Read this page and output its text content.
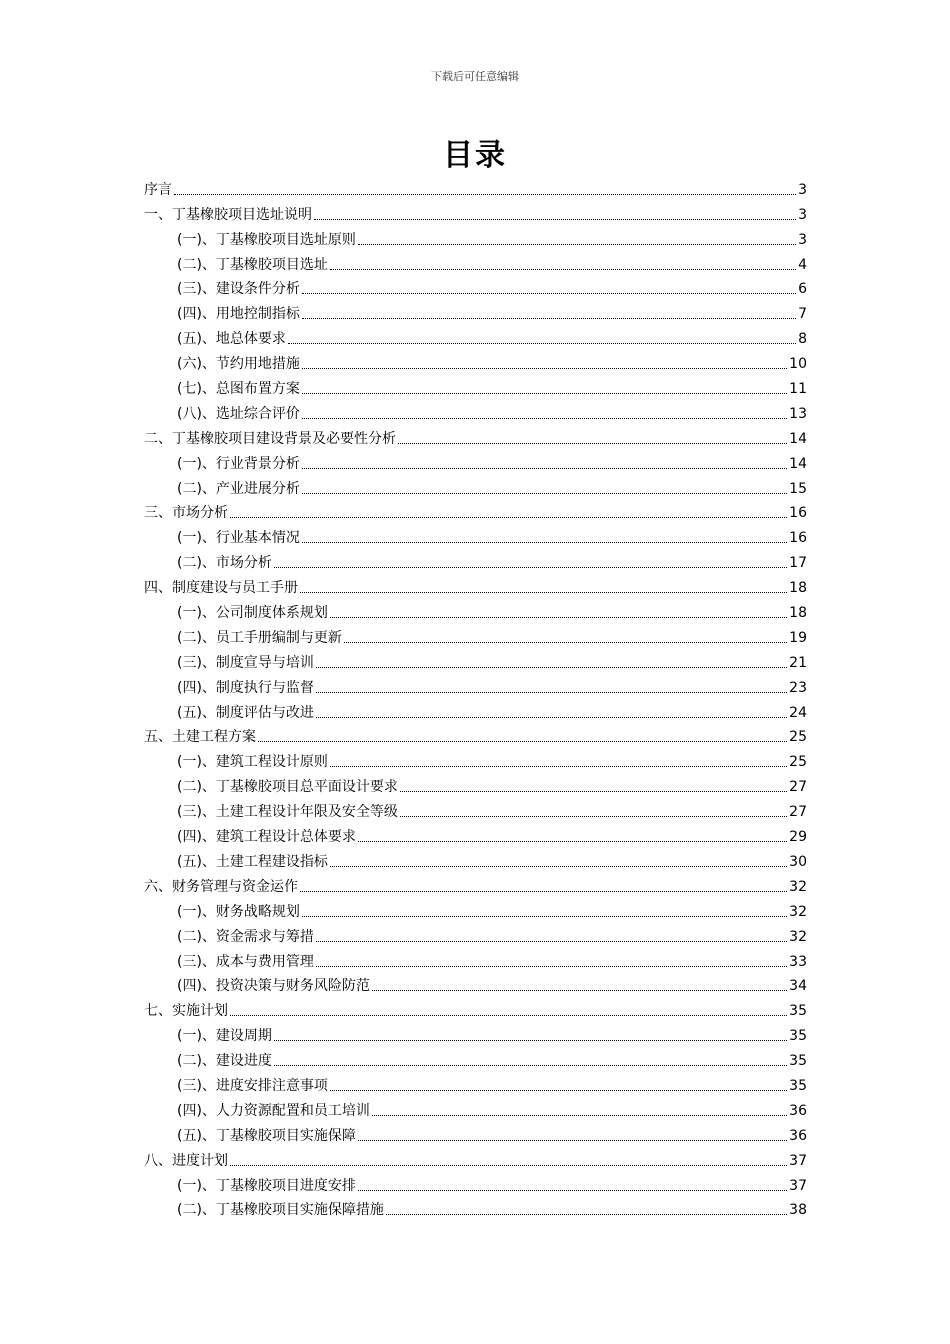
下载后可任意编辑
目录
序言	3
一、丁基橡胶项目选址说明	3
(一)、丁基橡胶项目选址原则	3
(二)、丁基橡胶项目选址	4
(三)、建设条件分析	6
(四)、用地控制指标	7
(五)、地总体要求	8
(六)、节约用地措施	10
(七)、总图布置方案	11
(八)、选址综合评价	13
二、丁基橡胶项目建设背景及必要性分析	14
(一)、行业背景分析	14
(二)、产业进展分析	15
三、市场分析	16
(一)、行业基本情况	16
(二)、市场分析	17
四、制度建设与员工手册	18
(一)、公司制度体系规划	18
(二)、员工手册编制与更新	19
(三)、制度宣导与培训	21
(四)、制度执行与监督	23
(五)、制度评估与改进	24
五、土建工程方案	25
(一)、建筑工程设计原则	25
(二)、丁基橡胶项目总平面设计要求	27
(三)、土建工程设计年限及安全等级	27
(四)、建筑工程设计总体要求	29
(五)、土建工程建设指标	30
六、财务管理与资金运作	32
(一)、财务战略规划	32
(二)、资金需求与筹措	32
(三)、成本与费用管理	33
(四)、投资决策与财务风险防范	34
七、实施计划	35
(一)、建设周期	35
(二)、建设进度	35
(三)、进度安排注意事项	35
(四)、人力资源配置和员工培训	36
(五)、丁基橡胶项目实施保障	36
八、进度计划	37
(一)、丁基橡胶项目进度安排	37
(二)、丁基橡胶项目实施保障措施	38
